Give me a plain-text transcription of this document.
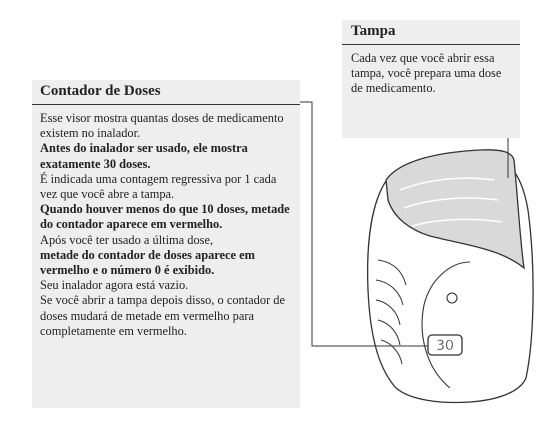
30
Contador de Doses

Esse visor mostra quantas doses de medicamento existem no inalador.

Antes do inalador ser usado, ele mostra exatamente 30 doses.

É indicada uma contagem regressiva por 1 cada vez que você abre a tampa.

Quando houver menos do que 10 doses, metade do contador aparece em vermelho.

Após você ter usado a última dose,

metade do contador de doses aparece em vermelho e o número 0 é exibido.

Seu inalador agora está vazio.

Se você abrir a tampa depois disso, o contador de doses mudará de metade em vermelho para completamente em vermelho.

Tampa

Cada vez que você abrir essa tampa, você prepara uma dose de medicamento.
